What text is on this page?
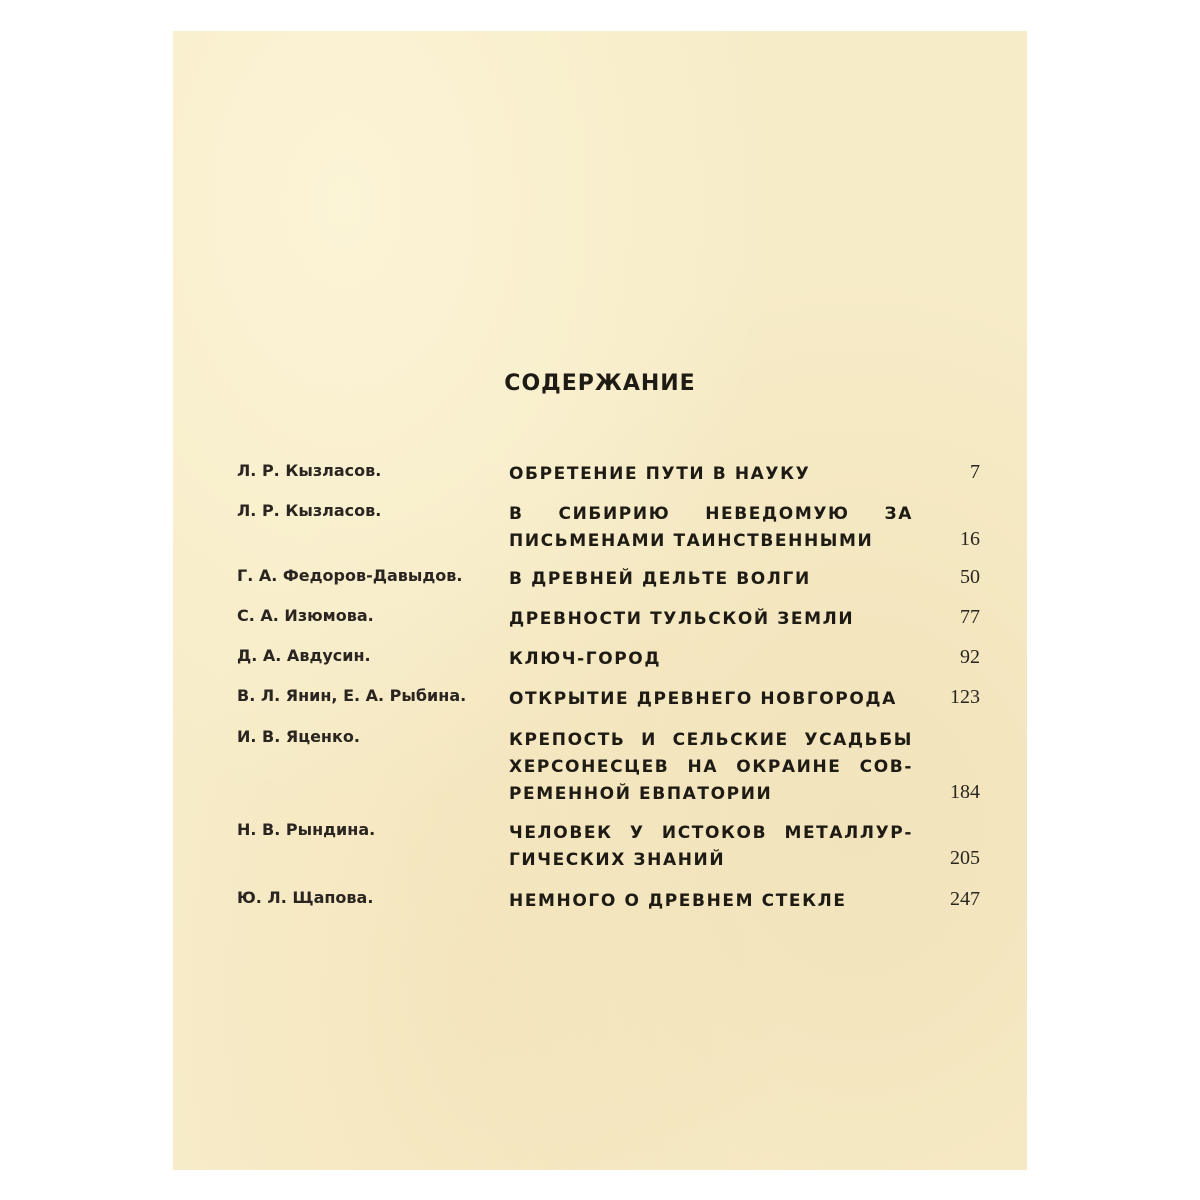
СОДЕРЖАНИЕ
Л. Р. Кызласов.	ОБРЕТЕНИЕ ПУТИ В НАУКУ	7
Л. Р. Кызласов.	В СИБИРИЮ НЕВЕДОМУЮ ЗА
ПИСЬМЕНАМИ ТАИНСТВЕННЫМИ	16
Г. А. Федоров-Давыдов.	В ДРЕВНЕЙ ДЕЛЬТЕ ВОЛГИ	50
С. А. Изюмова.	ДРЕВНОСТИ ТУЛЬСКОЙ ЗЕМЛИ	77
Д. А. Авдусин.	КЛЮЧ-ГОРОД	92
В. Л. Янин, Е. А. Рыбина.	ОТКРЫТИЕ ДРЕВНЕГО НОВГОРОДА	123
И. В. Яценко.	КРЕПОСТЬ И СЕЛЬСКИЕ УСАДЬБЫ
ХЕРСОНЕСЦЕВ НА ОКРАИНЕ СОВ-
РЕМЕННОЙ ЕВПАТОРИИ	184
Н. В. Рындина.	ЧЕЛОВЕК У ИСТОКОВ МЕТАЛЛУР-
ГИЧЕСКИХ ЗНАНИЙ	205
Ю. Л. Щапова.	НЕМНОГО О ДРЕВНЕМ СТЕКЛЕ	247
